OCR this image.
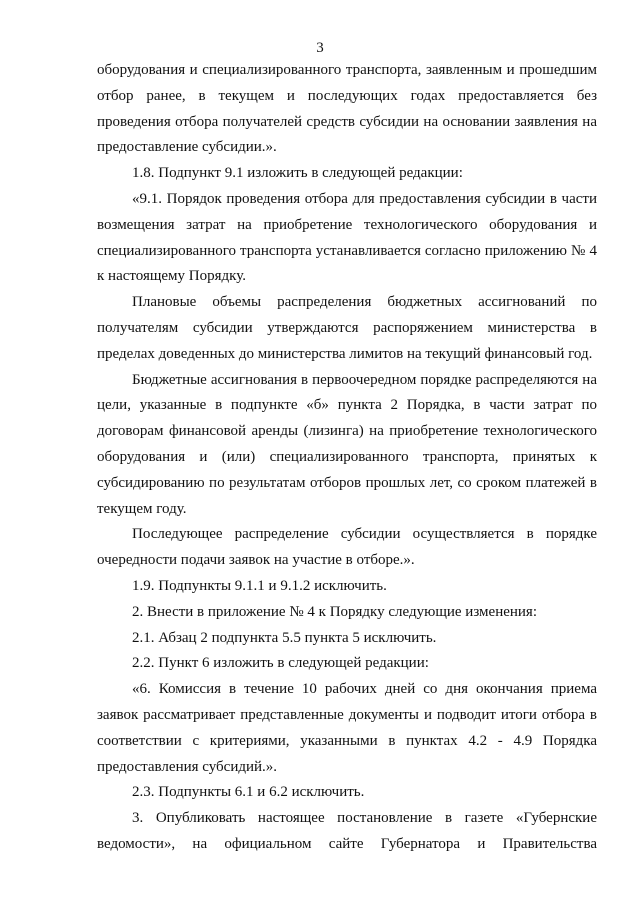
3

оборудования и специализированного транспорта, заявленным и прошедшим отбор ранее, в текущем и последующих годах предоставляется без проведения отбора получателей средств субсидии на основании заявления на предоставление субсидии.».

1.8. Подпункт 9.1 изложить в следующей редакции:

«9.1. Порядок проведения отбора для предоставления субсидии в части возмещения затрат на приобретение технологического оборудования и специализированного транспорта устанавливается согласно приложению № 4 к настоящему Порядку.

Плановые объемы распределения бюджетных ассигнований по получателям субсидии утверждаются распоряжением министерства в пределах доведенных до министерства лимитов на текущий финансовый год.

Бюджетные ассигнования в первоочередном порядке распределяются на цели, указанные в подпункте «б» пункта 2 Порядка, в части затрат по договорам финансовой аренды (лизинга) на приобретение технологического оборудования и (или) специализированного транспорта, принятых к субсидированию по результатам отборов прошлых лет, со сроком платежей в текущем году.

Последующее распределение субсидии осуществляется в порядке очередности подачи заявок на участие в отборе.».

1.9. Подпункты 9.1.1 и 9.1.2 исключить.

2. Внести в приложение № 4 к Порядку следующие изменения:

2.1. Абзац 2 подпункта 5.5 пункта 5 исключить.

2.2. Пункт 6 изложить в следующей редакции:

«6. Комиссия в течение 10 рабочих дней со дня окончания приема заявок рассматривает представленные документы и подводит итоги отбора в соответствии с критериями, указанными в пунктах 4.2 - 4.9 Порядка предоставления субсидий.».

2.3. Подпункты 6.1 и 6.2 исключить.

3. Опубликовать настоящее постановление в газете «Губернские ведомости», на официальном сайте Губернатора и Правительства
